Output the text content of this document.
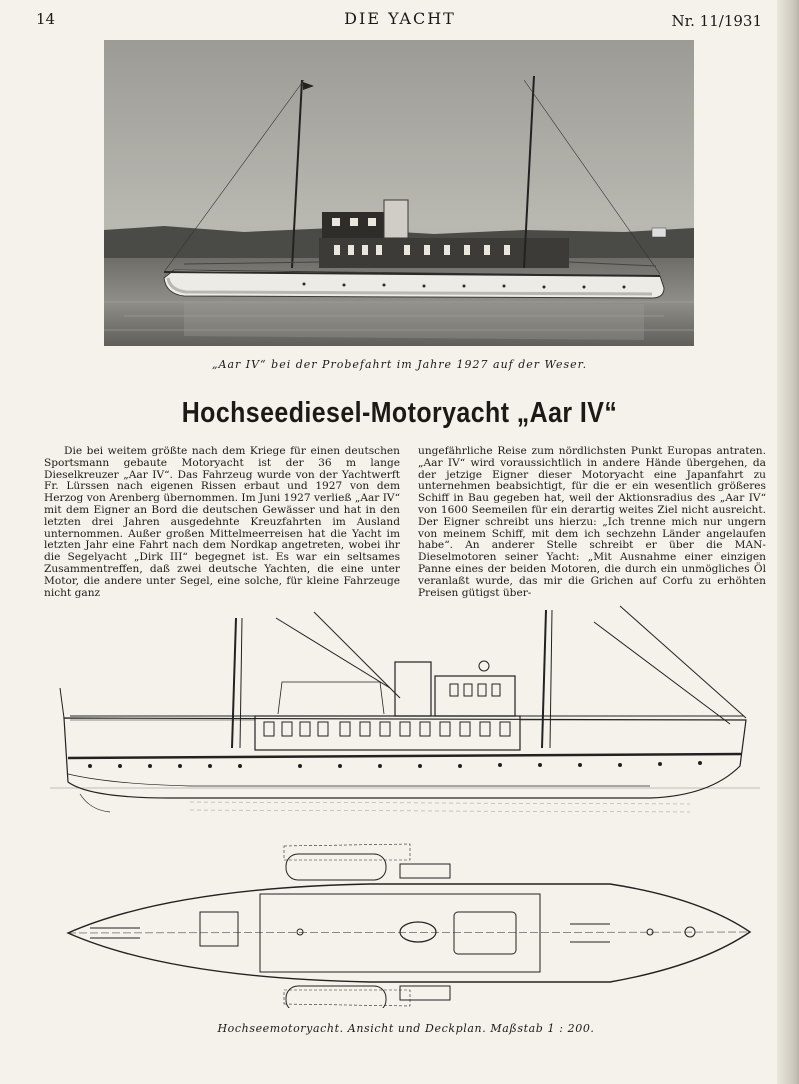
14	DIE YACHT	Nr. 11/1931
„Aar IV“ bei der Probefahrt im Jahre 1927 auf der Weser.
Hochseediesel-Motoryacht „Aar IV“

Die bei weitem größte nach dem Kriege für einen deutschen Sportsmann gebaute Motoryacht ist der 36 m lange Dieselkreuzer „Aar IV“. Das Fahrzeug wurde von der Yachtwerft Fr. Lürssen nach eigenen Rissen erbaut und 1927 von dem Herzog von Arenberg übernommen. Im Juni 1927 verließ „Aar IV“ mit dem Eigner an Bord die deutschen Gewässer und hat in den letzten drei Jahren ausgedehnte Kreuzfahrten im Ausland unternommen. Außer großen Mittelmeerreisen hat die Yacht im letzten Jahr eine Fahrt nach dem Nordkap angetreten, wobei ihr die Segelyacht „Dirk III“ begegnet ist. Es war ein seltsames Zusammentreffen, daß zwei deutsche Yachten, die eine unter Motor, die andere unter Segel, eine solche, für kleine Fahrzeuge nicht ganz

ungefährliche Reise zum nördlichsten Punkt Europas antraten. „Aar IV“ wird voraussichtlich in andere Hände übergehen, da der jetzige Eigner dieser Motoryacht eine Japanfahrt zu unternehmen beabsichtigt, für die er ein wesentlich größeres Schiff in Bau gegeben hat, weil der Aktionsradius des „Aar IV“ von 1600 Seemeilen für ein derartig weites Ziel nicht ausreicht. Der Eigner schreibt uns hierzu: „Ich trenne mich nur ungern von meinem Schiff, mit dem ich sechzehn Länder angelaufen habe“. An anderer Stelle schreibt er über die MAN-Dieselmotoren seiner Yacht: „Mit Ausnahme einer einzigen Panne eines der beiden Motoren, die durch ein unmögliches Öl veranlaßt wurde, das mir die Grichen auf Corfu zu erhöhten Preisen gütigst über-

Hochseemotoryacht. Ansicht und Deckplan. Maßstab 1 : 200.
